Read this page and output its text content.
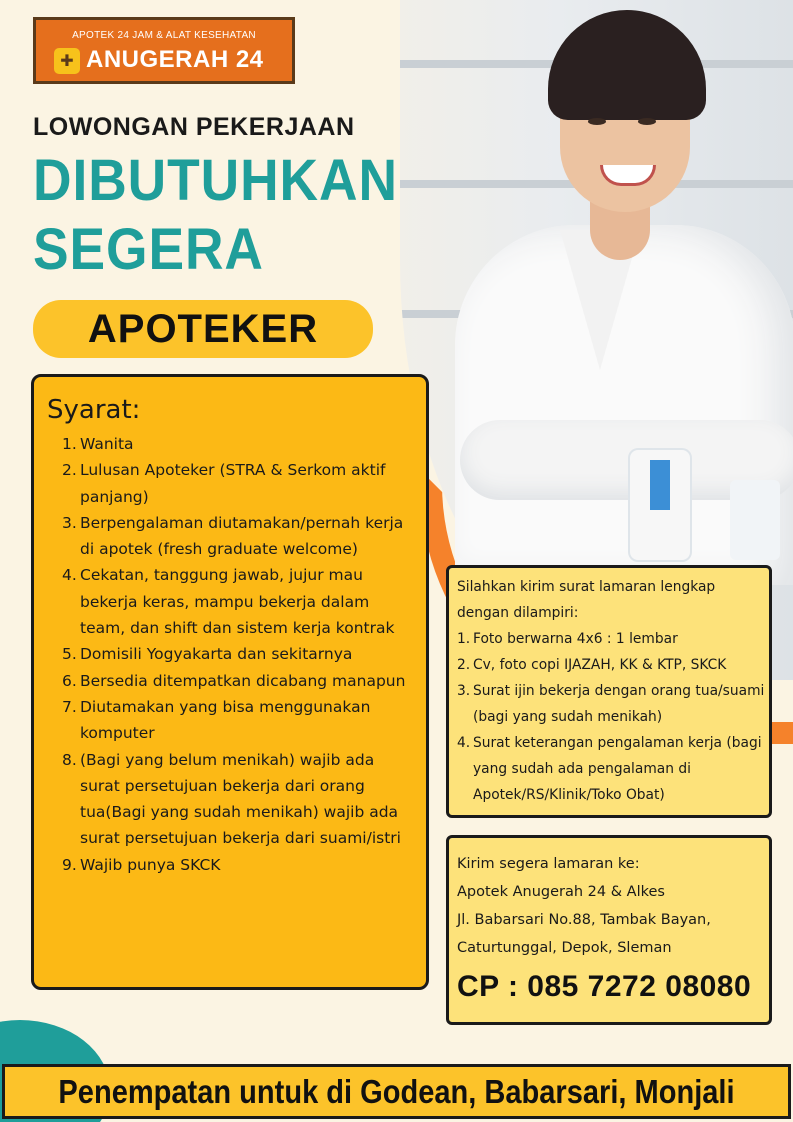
APOTEK 24 JAM & ALAT KESEHATAN
✚ ANUGERAH 24
LOWONGAN PEKERJAAN
DIBUTUHKAN
SEGERA
APOTEKER
Syarat:
1. Wanita
2. Lulusan Apoteker (STRA & Serkom aktif panjang)
3. Berpengalaman diutamakan/pernah kerja di apotek (fresh graduate welcome)
4. Cekatan, tanggung jawab, jujur mau bekerja keras, mampu bekerja dalam team, dan shift dan sistem kerja kontrak
5. Domisili Yogyakarta dan sekitarnya
6. Bersedia ditempatkan dicabang manapun
7. Diutamakan yang bisa menggunakan komputer
8. (Bagi yang belum menikah) wajib ada surat persetujuan bekerja dari orang tua(Bagi yang sudah menikah) wajib ada surat persetujuan bekerja dari suami/istri
9. Wajib punya SKCK
Silahkan kirim surat lamaran lengkap dengan dilampiri:
1. Foto berwarna 4x6 : 1 lembar
2. Cv, foto copi IJAZAH, KK & KTP, SKCK
3. Surat ijin bekerja dengan orang tua/suami (bagi yang sudah menikah)
4. Surat keterangan pengalaman kerja (bagi yang sudah ada pengalaman di Apotek/RS/Klinik/Toko Obat)
Kirim segera lamaran ke:
Apotek Anugerah 24 & Alkes
Jl. Babarsari No.88, Tambak Bayan,
Caturtunggal, Depok, Sleman
CP : 085 7272 08080
Penempatan untuk di Godean, Babarsari, Monjali
